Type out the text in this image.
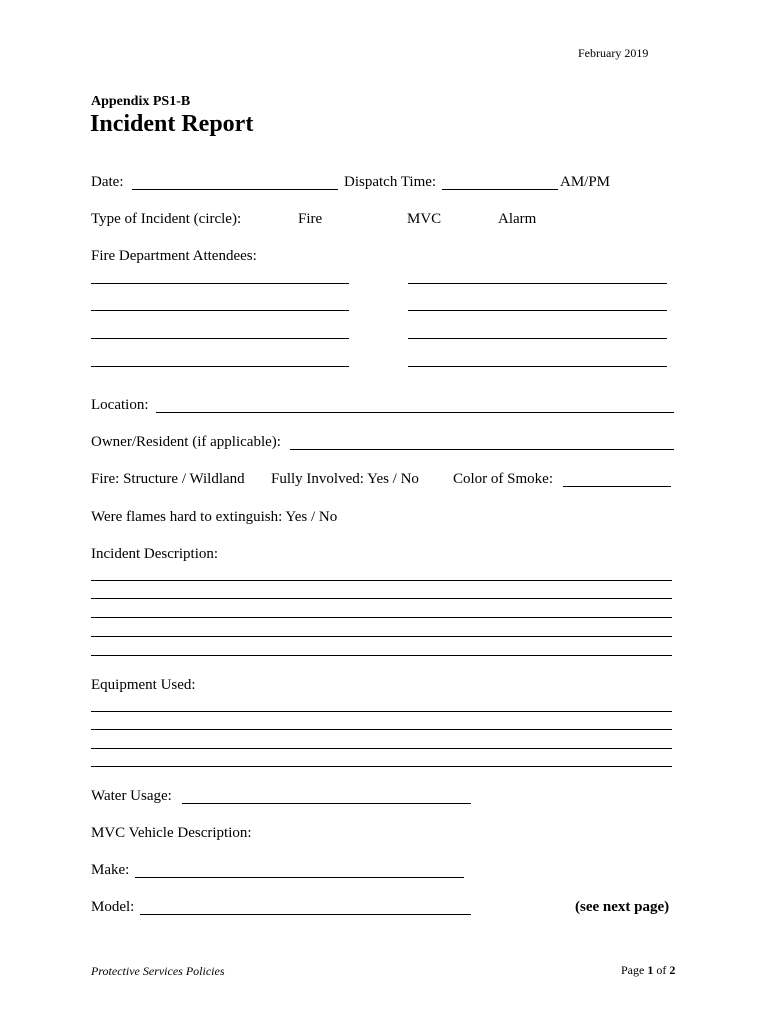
February 2019
Appendix PS1-B
Incident Report
Date:	Dispatch Time:	AM/PM
Type of Incident (circle):	Fire	MVC	Alarm
Fire Department Attendees:
Location:
Owner/Resident (if applicable):
Fire: Structure / Wildland Fully Involved: Yes / No Color of Smoke:
Were flames hard to extinguish: Yes / No
Incident Description:
Equipment Used:
Water Usage:
MVC Vehicle Description:
Make:
Model:	(see next page)
Protective Services Policies	Page 1 of 2
